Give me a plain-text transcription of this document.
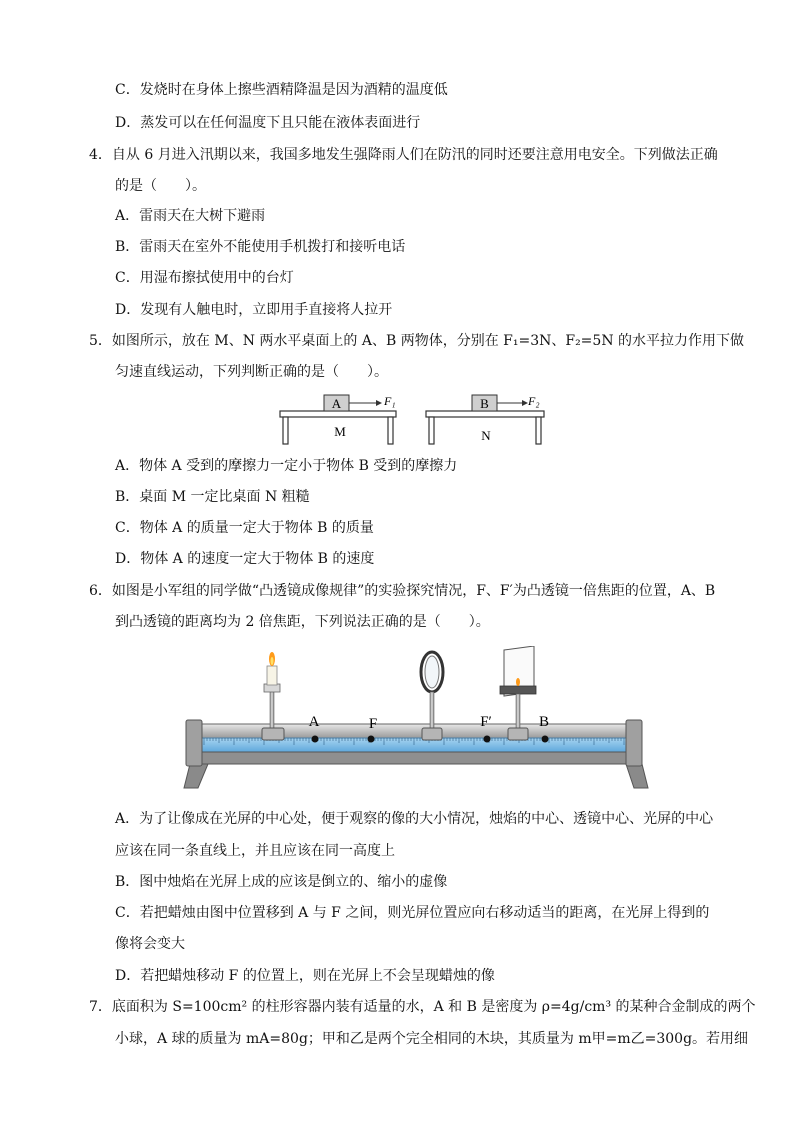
C．发烧时在身体上擦些酒精降温是因为酒精的温度低
D．蒸发可以在任何温度下且只能在液体表面进行
4．自从 6 月进入汛期以来，我国多地发生强降雨人们在防汛的同时还要注意用电安全。下列做法正确
的是（　　）。
A．雷雨天在大树下避雨
B．雷雨天在室外不能使用手机拨打和接听电话
C．用湿布擦拭使用中的台灯
D．发现有人触电时，立即用手直接将人拉开
5．如图所示，放在 M、N 两水平桌面上的 A、B 两物体，分别在 F₁=3N、F₂=5N 的水平拉力作用下做
匀速直线运动，下列判断正确的是（　　）。
M
A	F₁
N
B	F₂
A．物体 A 受到的摩擦力一定小于物体 B 受到的摩擦力
B．桌面 M 一定比桌面 N 粗糙
C．物体 A 的质量一定大于物体 B 的质量
D．物体 A 的速度一定大于物体 B 的速度
6．如图是小军组的同学做“凸透镜成像规律”的实验探究情况，F、F′为凸透镜一倍焦距的位置，A、B
到凸透镜的距离均为 2 倍焦距，下列说法正确的是（　　）。
A	F	F′	B
A．为了让像成在光屏的中心处，便于观察的像的大小情况，烛焰的中心、透镜中心、光屏的中心
应该在同一条直线上，并且应该在同一高度上
B．图中烛焰在光屏上成的应该是倒立的、缩小的虚像
C．若把蜡烛由图中位置移到 A 与 F 之间，则光屏位置应向右移动适当的距离，在光屏上得到的
像将会变大
D．若把蜡烛移动 F 的位置上，则在光屏上不会呈现蜡烛的像
7．底面积为 S=100cm² 的柱形容器内装有适量的水，A 和 B 是密度为 ρ=4g/cm³ 的某种合金制成的两个
小球，A 球的质量为 mA=80g；甲和乙是两个完全相同的木块，其质量为 m甲=m乙=300g。若用细
